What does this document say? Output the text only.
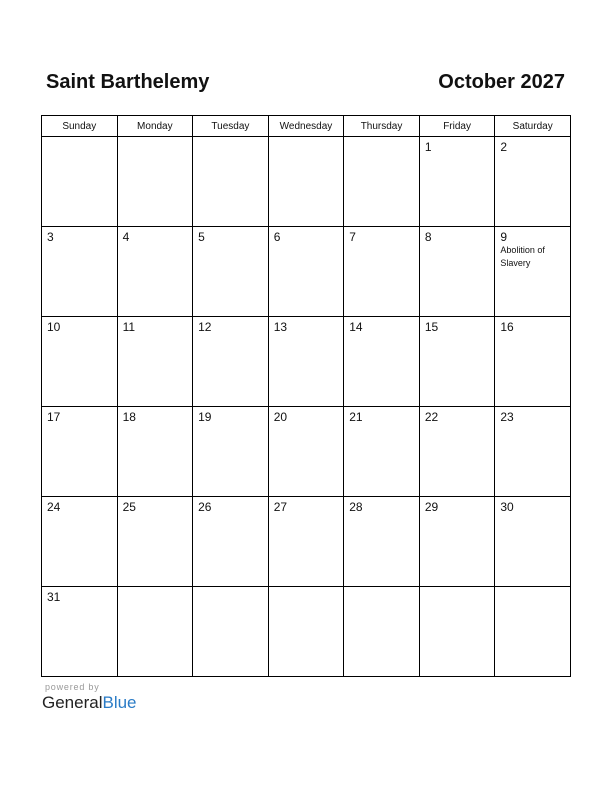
Saint Barthelemy	October 2027
Sunday	Monday	Tuesday	Wednesday	Thursday	Friday	Saturday

					1	2

3	4	5	6	7	8	9
Abolition of Slavery

10	11	12	13	14	15	16

17	18	19	20	21	22	23

24	25	26	27	28	29	30

31						

powered by
GeneralBlue
